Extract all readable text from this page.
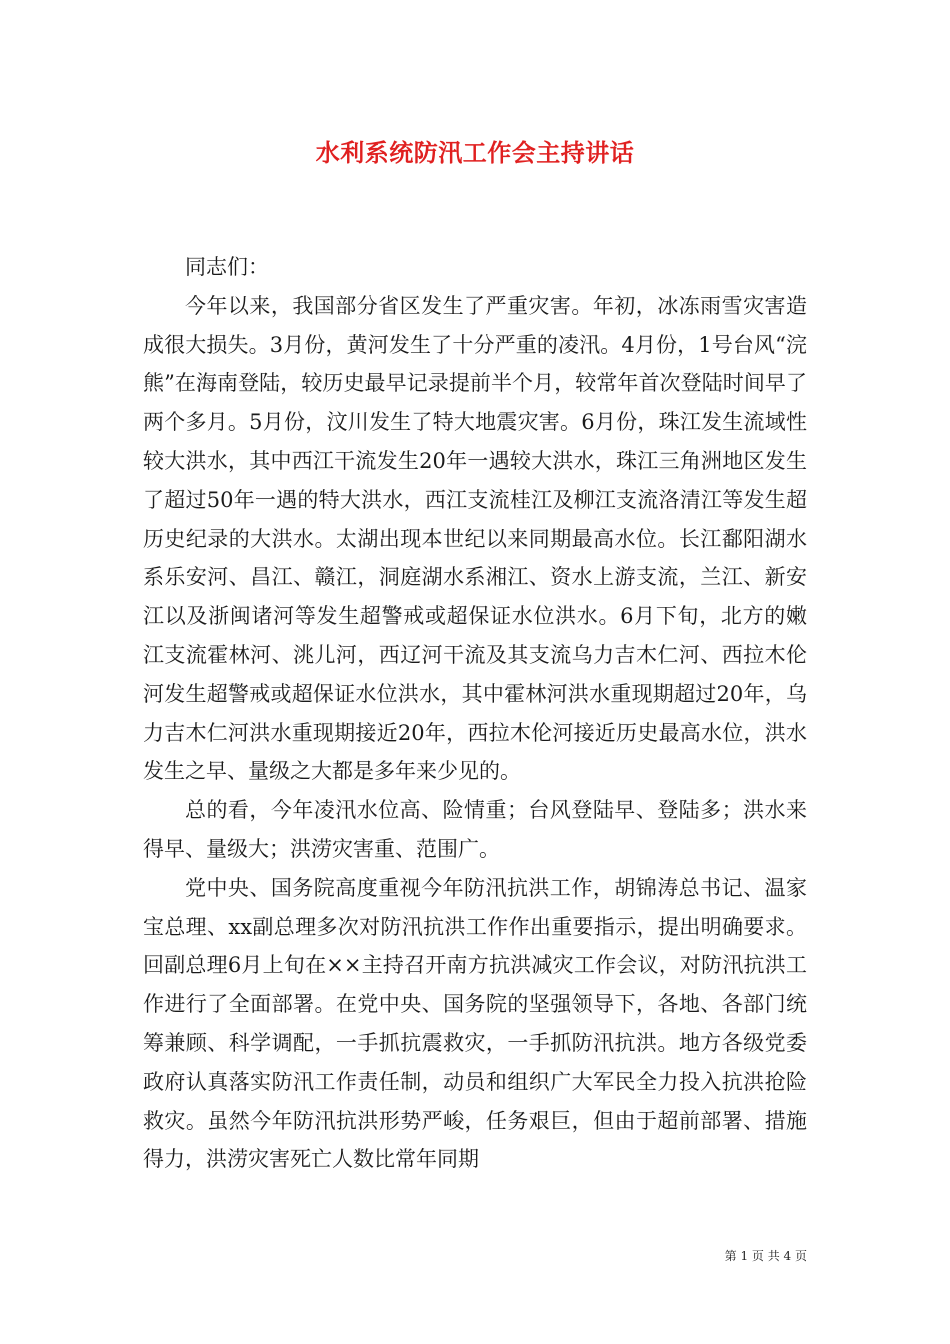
水利系统防汛工作会主持讲话

同志们：

今年以来，我国部分省区发生了严重灾害。年初，冰冻雨雪灾害造成很大损失。3月份，黄河发生了十分严重的凌汛。4月份，1号台风“浣熊”在海南登陆，较历史最早记录提前半个月，较常年首次登陆时间早了两个多月。5月份，汶川发生了特大地震灾害。6月份，珠江发生流域性较大洪水，其中西江干流发生20年一遇较大洪水，珠江三角洲地区发生了超过50年一遇的特大洪水，西江支流桂江及柳江支流洛清江等发生超历史纪录的大洪水。太湖出现本世纪以来同期最高水位。长江鄱阳湖水系乐安河、昌江、赣江，洞庭湖水系湘江、资水上游支流，兰江、新安江以及浙闽诸河等发生超警戒或超保证水位洪水。6月下旬，北方的嫩江支流霍林河、洮儿河，西辽河干流及其支流乌力吉木仁河、西拉木伦河发生超警戒或超保证水位洪水，其中霍林河洪水重现期超过20年，乌力吉木仁河洪水重现期接近20年，西拉木伦河接近历史最高水位，洪水发生之早、量级之大都是多年来少见的。

总的看，今年凌汛水位高、险情重；台风登陆早、登陆多；洪水来得早、量级大；洪涝灾害重、范围广。

党中央、国务院高度重视今年防汛抗洪工作，胡锦涛总书记、温家宝总理、xx副总理多次对防汛抗洪工作作出重要指示，提出明确要求。回副总理6月上旬在××主持召开南方抗洪减灾工作会议，对防汛抗洪工作进行了全面部署。在党中央、国务院的坚强领导下，各地、各部门统筹兼顾、科学调配，一手抓抗震救灾，一手抓防汛抗洪。地方各级党委政府认真落实防汛工作责任制，动员和组织广大军民全力投入抗洪抢险救灾。虽然今年防汛抗洪形势严峻，任务艰巨，但由于超前部署、措施得力，洪涝灾害死亡人数比常年同期

第 1 页 共 4 页
